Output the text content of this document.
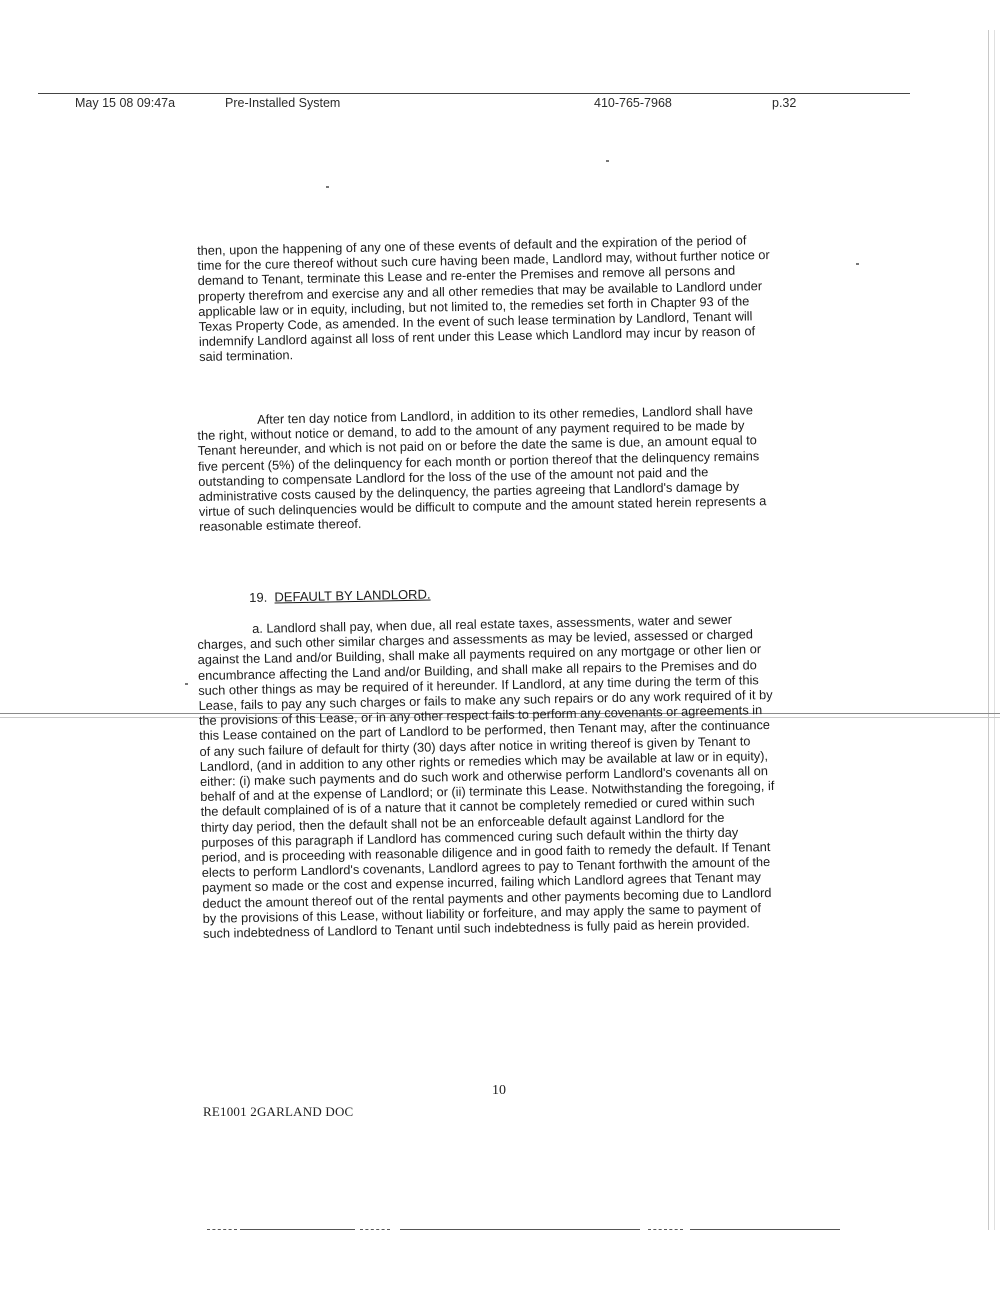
May 15 08 09:47a	Pre-Installed System	410-765-7968	p.32

then, upon the happening of any one of these events of default and the expiration of the period of time for the cure thereof without such cure having been made, Landlord may, without further notice or demand to Tenant, terminate this Lease and re-enter the Premises and remove all persons and property therefrom and exercise any and all other remedies that may be available to Landlord under applicable law or in equity, including, but not limited to, the remedies set forth in Chapter 93 of the Texas Property Code, as amended. In the event of such lease termination by Landlord, Tenant will indemnify Landlord against all loss of rent under this Lease which Landlord may incur by reason of said termination.

After ten day notice from Landlord, in addition to its other remedies, Landlord shall have the right, without notice or demand, to add to the amount of any payment required to be made by Tenant hereunder, and which is not paid on or before the date the same is due, an amount equal to five percent (5%) of the delinquency for each month or portion thereof that the delinquency remains outstanding to compensate Landlord for the loss of the use of the amount not paid and the administrative costs caused by the delinquency, the parties agreeing that Landlord's damage by virtue of such delinquencies would be difficult to compute and the amount stated herein represents a reasonable estimate thereof.

19. DEFAULT BY LANDLORD.

a. Landlord shall pay, when due, all real estate taxes, assessments, water and sewer charges, and such other similar charges and assessments as may be levied, assessed or charged against the Land and/or Building, shall make all payments required on any mortgage or other lien or encumbrance affecting the Land and/or Building, and shall make all repairs to the Premises and do such other things as may be required of it hereunder. If Landlord, at any time during the term of this Lease, fails to pay any such charges or fails to make any such repairs or do any work required of it by the provisions of this Lease, or in any other respect fails to perform any covenants or agreements in this Lease contained on the part of Landlord to be performed, then Tenant may, after the continuance of any such failure of default for thirty (30) days after notice in writing thereof is given by Tenant to Landlord, (and in addition to any other rights or remedies which may be available at law or in equity), either: (i) make such payments and do such work and otherwise perform Landlord's covenants all on behalf of and at the expense of Landlord; or (ii) terminate this Lease. Notwithstanding the foregoing, if the default complained of is of a nature that it cannot be completely remedied or cured within such thirty day period, then the default shall not be an enforceable default against Landlord for the purposes of this paragraph if Landlord has commenced curing such default within the thirty day period, and is proceeding with reasonable diligence and in good faith to remedy the default. If Tenant elects to perform Landlord's covenants, Landlord agrees to pay to Tenant forthwith the amount of the payment so made or the cost and expense incurred, failing which Landlord agrees that Tenant may deduct the amount thereof out of the rental payments and other payments becoming due to Landlord by the provisions of this Lease, without liability or forfeiture, and may apply the same to payment of such indebtedness of Landlord to Tenant until such indebtedness is fully paid as herein provided.

10
RE1001 2GARLAND DOC
